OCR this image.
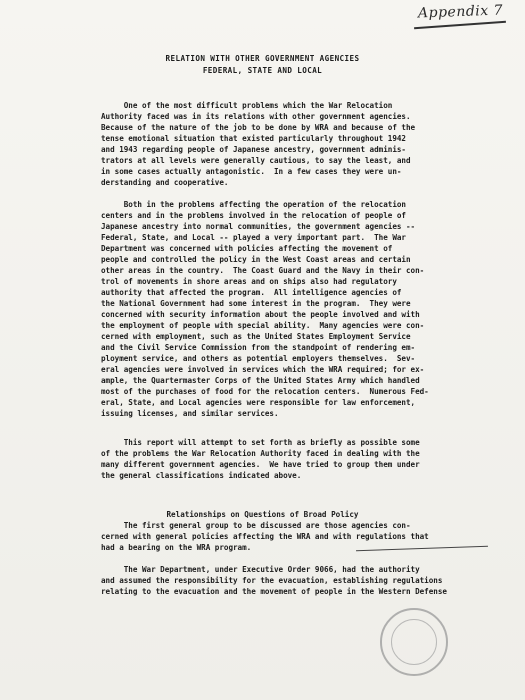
Appendix 7
RELATION WITH OTHER GOVERNMENT AGENCIES
FEDERAL, STATE AND LOCAL
One of the most difficult problems which the War Relocation
Authority faced was in its relations with other government agencies.
Because of the nature of the job to be done by WRA and because of the
tense emotional situation that existed particularly throughout 1942
and 1943 regarding people of Japanese ancestry, government adminis-
trators at all levels were generally cautious, to say the least, and
in some cases actually antagonistic.  In a few cases they were un-
derstanding and cooperative.
Both in the problems affecting the operation of the relocation
centers and in the problems involved in the relocation of people of
Japanese ancestry into normal communities, the government agencies --
Federal, State, and Local -- played a very important part.  The War
Department was concerned with policies affecting the movement of
people and controlled the policy in the West Coast areas and certain
other areas in the country.  The Coast Guard and the Navy in their con-
trol of movements in shore areas and on ships also had regulatory
authority that affected the program.  All intelligence agencies of
the National Government had some interest in the program.  They were
concerned with security information about the people involved and with
the employment of people with special ability.  Many agencies were con-
cerned with employment, such as the United States Employment Service
and the Civil Service Commission from the standpoint of rendering em-
ployment service, and others as potential employers themselves.  Sev-
eral agencies were involved in services which the WRA required; for ex-
ample, the Quartermaster Corps of the United States Army which handled
most of the purchases of food for the relocation centers.  Numerous Fed-
eral, State, and Local agencies were responsible for law enforcement,
issuing licenses, and similar services.
This report will attempt to set forth as briefly as possible some
of the problems the War Relocation Authority faced in dealing with the
many different government agencies.  We have tried to group them under
the general classifications indicated above.
Relationships on Questions of Broad Policy
The first general group to be discussed are those agencies con-
cerned with general policies affecting the WRA and with regulations that
had a bearing on the WRA program.
The War Department, under Executive Order 9066, had the authority
and assumed the responsibility for the evacuation, establishing regulations
relating to the evacuation and the movement of people in the Western Defense
